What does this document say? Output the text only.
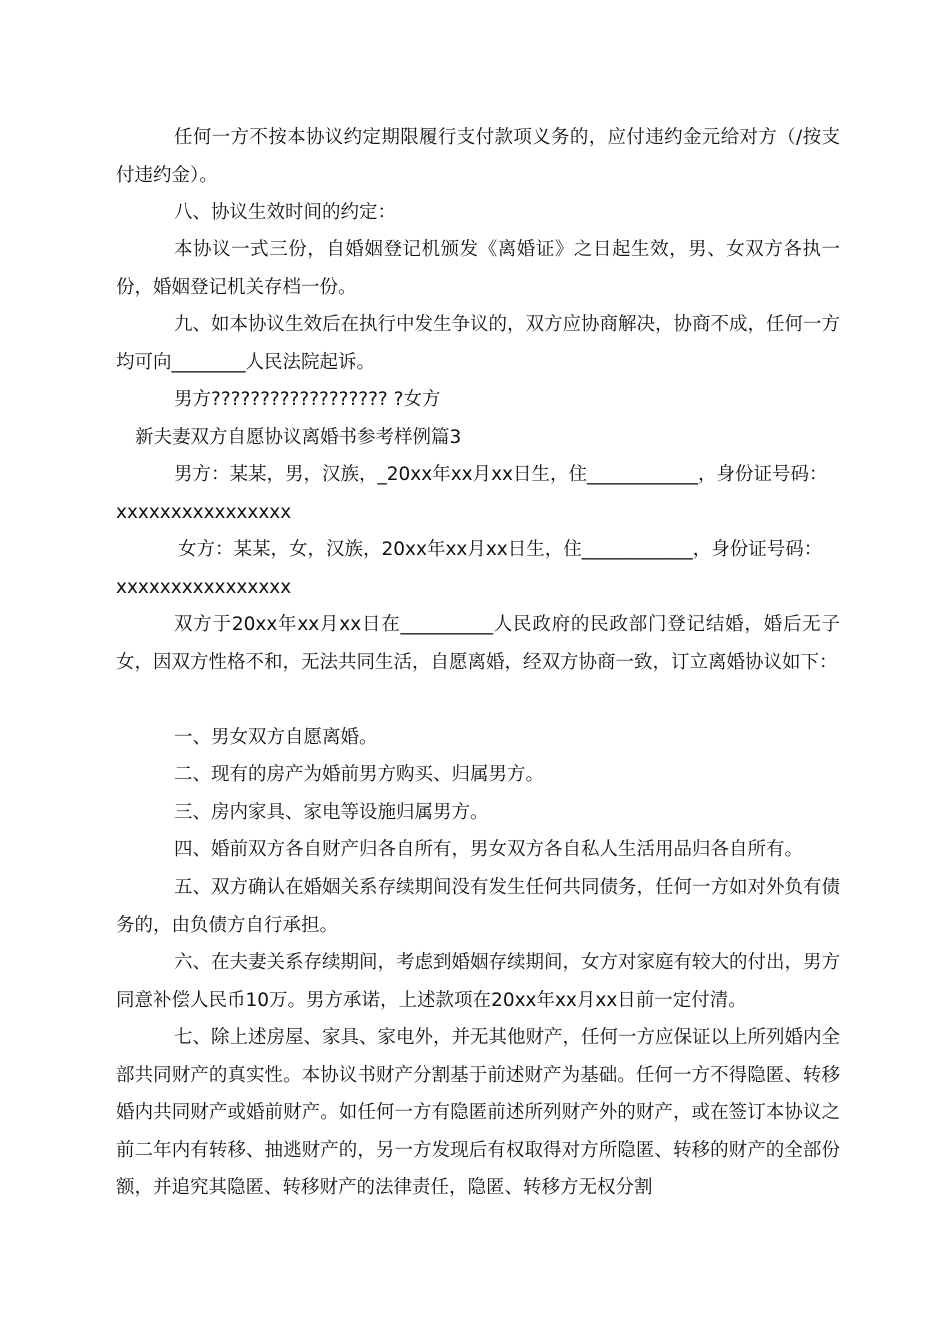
任何一方不按本协议约定期限履行支付款项义务的，应付违约金元给对方（/按支付违约金）。

八、协议生效时间的约定：

本协议一式三份，自婚姻登记机颁发《离婚证》之日起生效，男、女双方各执一份，婚姻登记机关存档一份。

九、如本协议生效后在执行中发生争议的，双方应协商解决，协商不成，任何一方均可向________人民法院起诉。

男方?????????????????? ?女方

新夫妻双方自愿协议离婚书参考样例篇3

男方：某某，男，汉族，_20xx年xx月xx日生，住____________，身份证号码：

xxxxxxxxxxxxxxxx

女方：某某，女，汉族，20xx年xx月xx日生，住____________，身份证号码：

xxxxxxxxxxxxxxxx

双方于20xx年xx月xx日在__________人民政府的民政部门登记结婚，婚后无子女，因双方性格不和，无法共同生活，自愿离婚，经双方协商一致，订立离婚协议如下：

一、男女双方自愿离婚。

二、现有的房产为婚前男方购买、归属男方。

三、房内家具、家电等设施归属男方。

四、婚前双方各自财产归各自所有，男女双方各自私人生活用品归各自所有。

五、双方确认在婚姻关系存续期间没有发生任何共同债务，任何一方如对外负有债务的，由负债方自行承担。

六、在夫妻关系存续期间，考虑到婚姻存续期间，女方对家庭有较大的付出，男方同意补偿人民币10万。男方承诺，上述款项在20xx年xx月xx日前一定付清。

七、除上述房屋、家具、家电外，并无其他财产，任何一方应保证以上所列婚内全部共同财产的真实性。本协议书财产分割基于前述财产为基础。任何一方不得隐匿、转移婚内共同财产或婚前财产。如任何一方有隐匿前述所列财产外的财产，或在签订本协议之前二年内有转移、抽逃财产的，另一方发现后有权取得对方所隐匿、转移的财产的全部份额，并追究其隐匿、转移财产的法律责任，隐匿、转移方无权分割
